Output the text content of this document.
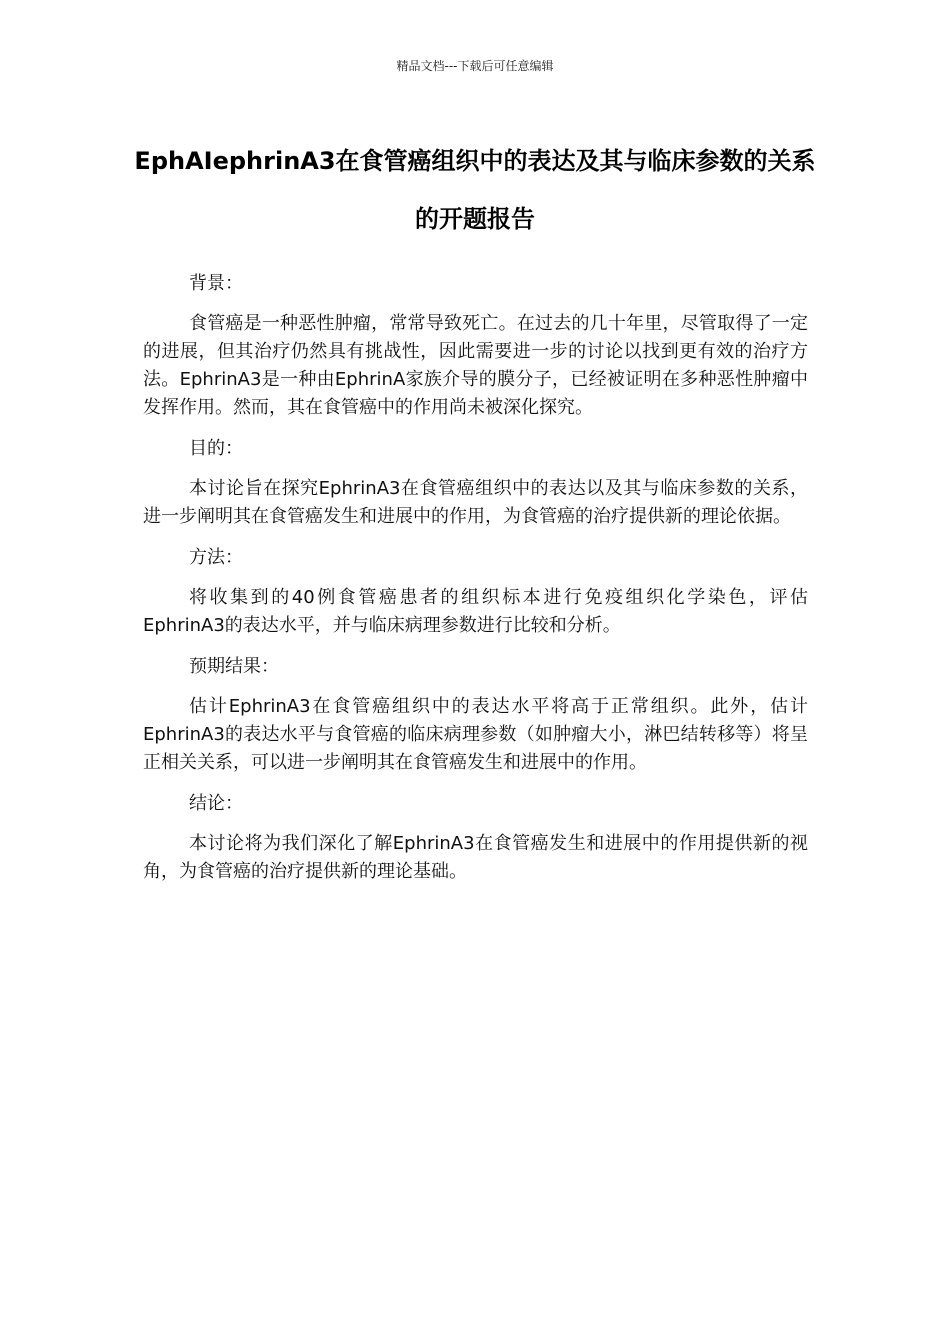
精品文档---下载后可任意编辑
EphAIephrinA3在食管癌组织中的表达及其与临床参数的关系的开题报告

背景：

食管癌是一种恶性肿瘤，常常导致死亡。在过去的几十年里，尽管取得了一定的进展，但其治疗仍然具有挑战性，因此需要进一步的讨论以找到更有效的治疗方法。EphrinA3是一种由EphrinA家族介导的膜分子，已经被证明在多种恶性肿瘤中发挥作用。然而，其在食管癌中的作用尚未被深化探究。

目的：

本讨论旨在探究EphrinA3在食管癌组织中的表达以及其与临床参数的关系，进一步阐明其在食管癌发生和进展中的作用，为食管癌的治疗提供新的理论依据。

方法：

将收集到的40例食管癌患者的组织标本进行免疫组织化学染色，评估EphrinA3的表达水平，并与临床病理参数进行比较和分析。

预期结果：

估计EphrinA3在食管癌组织中的表达水平将高于正常组织。此外，估计EphrinA3的表达水平与食管癌的临床病理参数（如肿瘤大小，淋巴结转移等）将呈正相关关系，可以进一步阐明其在食管癌发生和进展中的作用。

结论：

本讨论将为我们深化了解EphrinA3在食管癌发生和进展中的作用提供新的视角，为食管癌的治疗提供新的理论基础。
